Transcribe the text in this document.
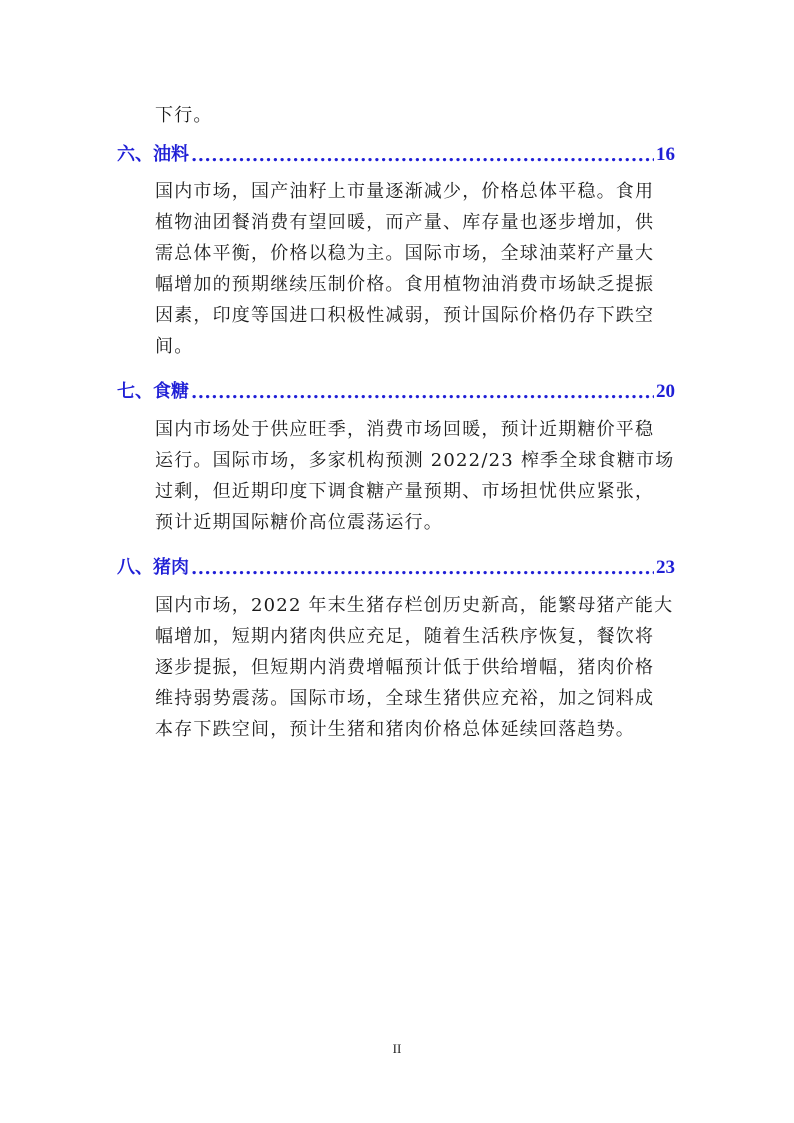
下行。
六、油料 .....	16
国内市场，国产油籽上市量逐渐减少，价格总体平稳。食用
植物油团餐消费有望回暖，而产量、库存量也逐步增加，供
需总体平衡，价格以稳为主。国际市场，全球油菜籽产量大
幅增加的预期继续压制价格。食用植物油消费市场缺乏提振
因素，印度等国进口积极性减弱，预计国际价格仍存下跌空
间。
七、食糖 .....	20
国内市场处于供应旺季，消费市场回暖，预计近期糖价平稳
运行。国际市场，多家机构预测 2022/23 榨季全球食糖市场
过剩，但近期印度下调食糖产量预期、市场担忧供应紧张，
预计近期国际糖价高位震荡运行。
八、猪肉 .....	23
国内市场，2022 年末生猪存栏创历史新高，能繁母猪产能大
幅增加，短期内猪肉供应充足，随着生活秩序恢复，餐饮将
逐步提振，但短期内消费增幅预计低于供给增幅，猪肉价格
维持弱势震荡。国际市场，全球生猪供应充裕，加之饲料成
本存下跌空间，预计生猪和猪肉价格总体延续回落趋势。
II
